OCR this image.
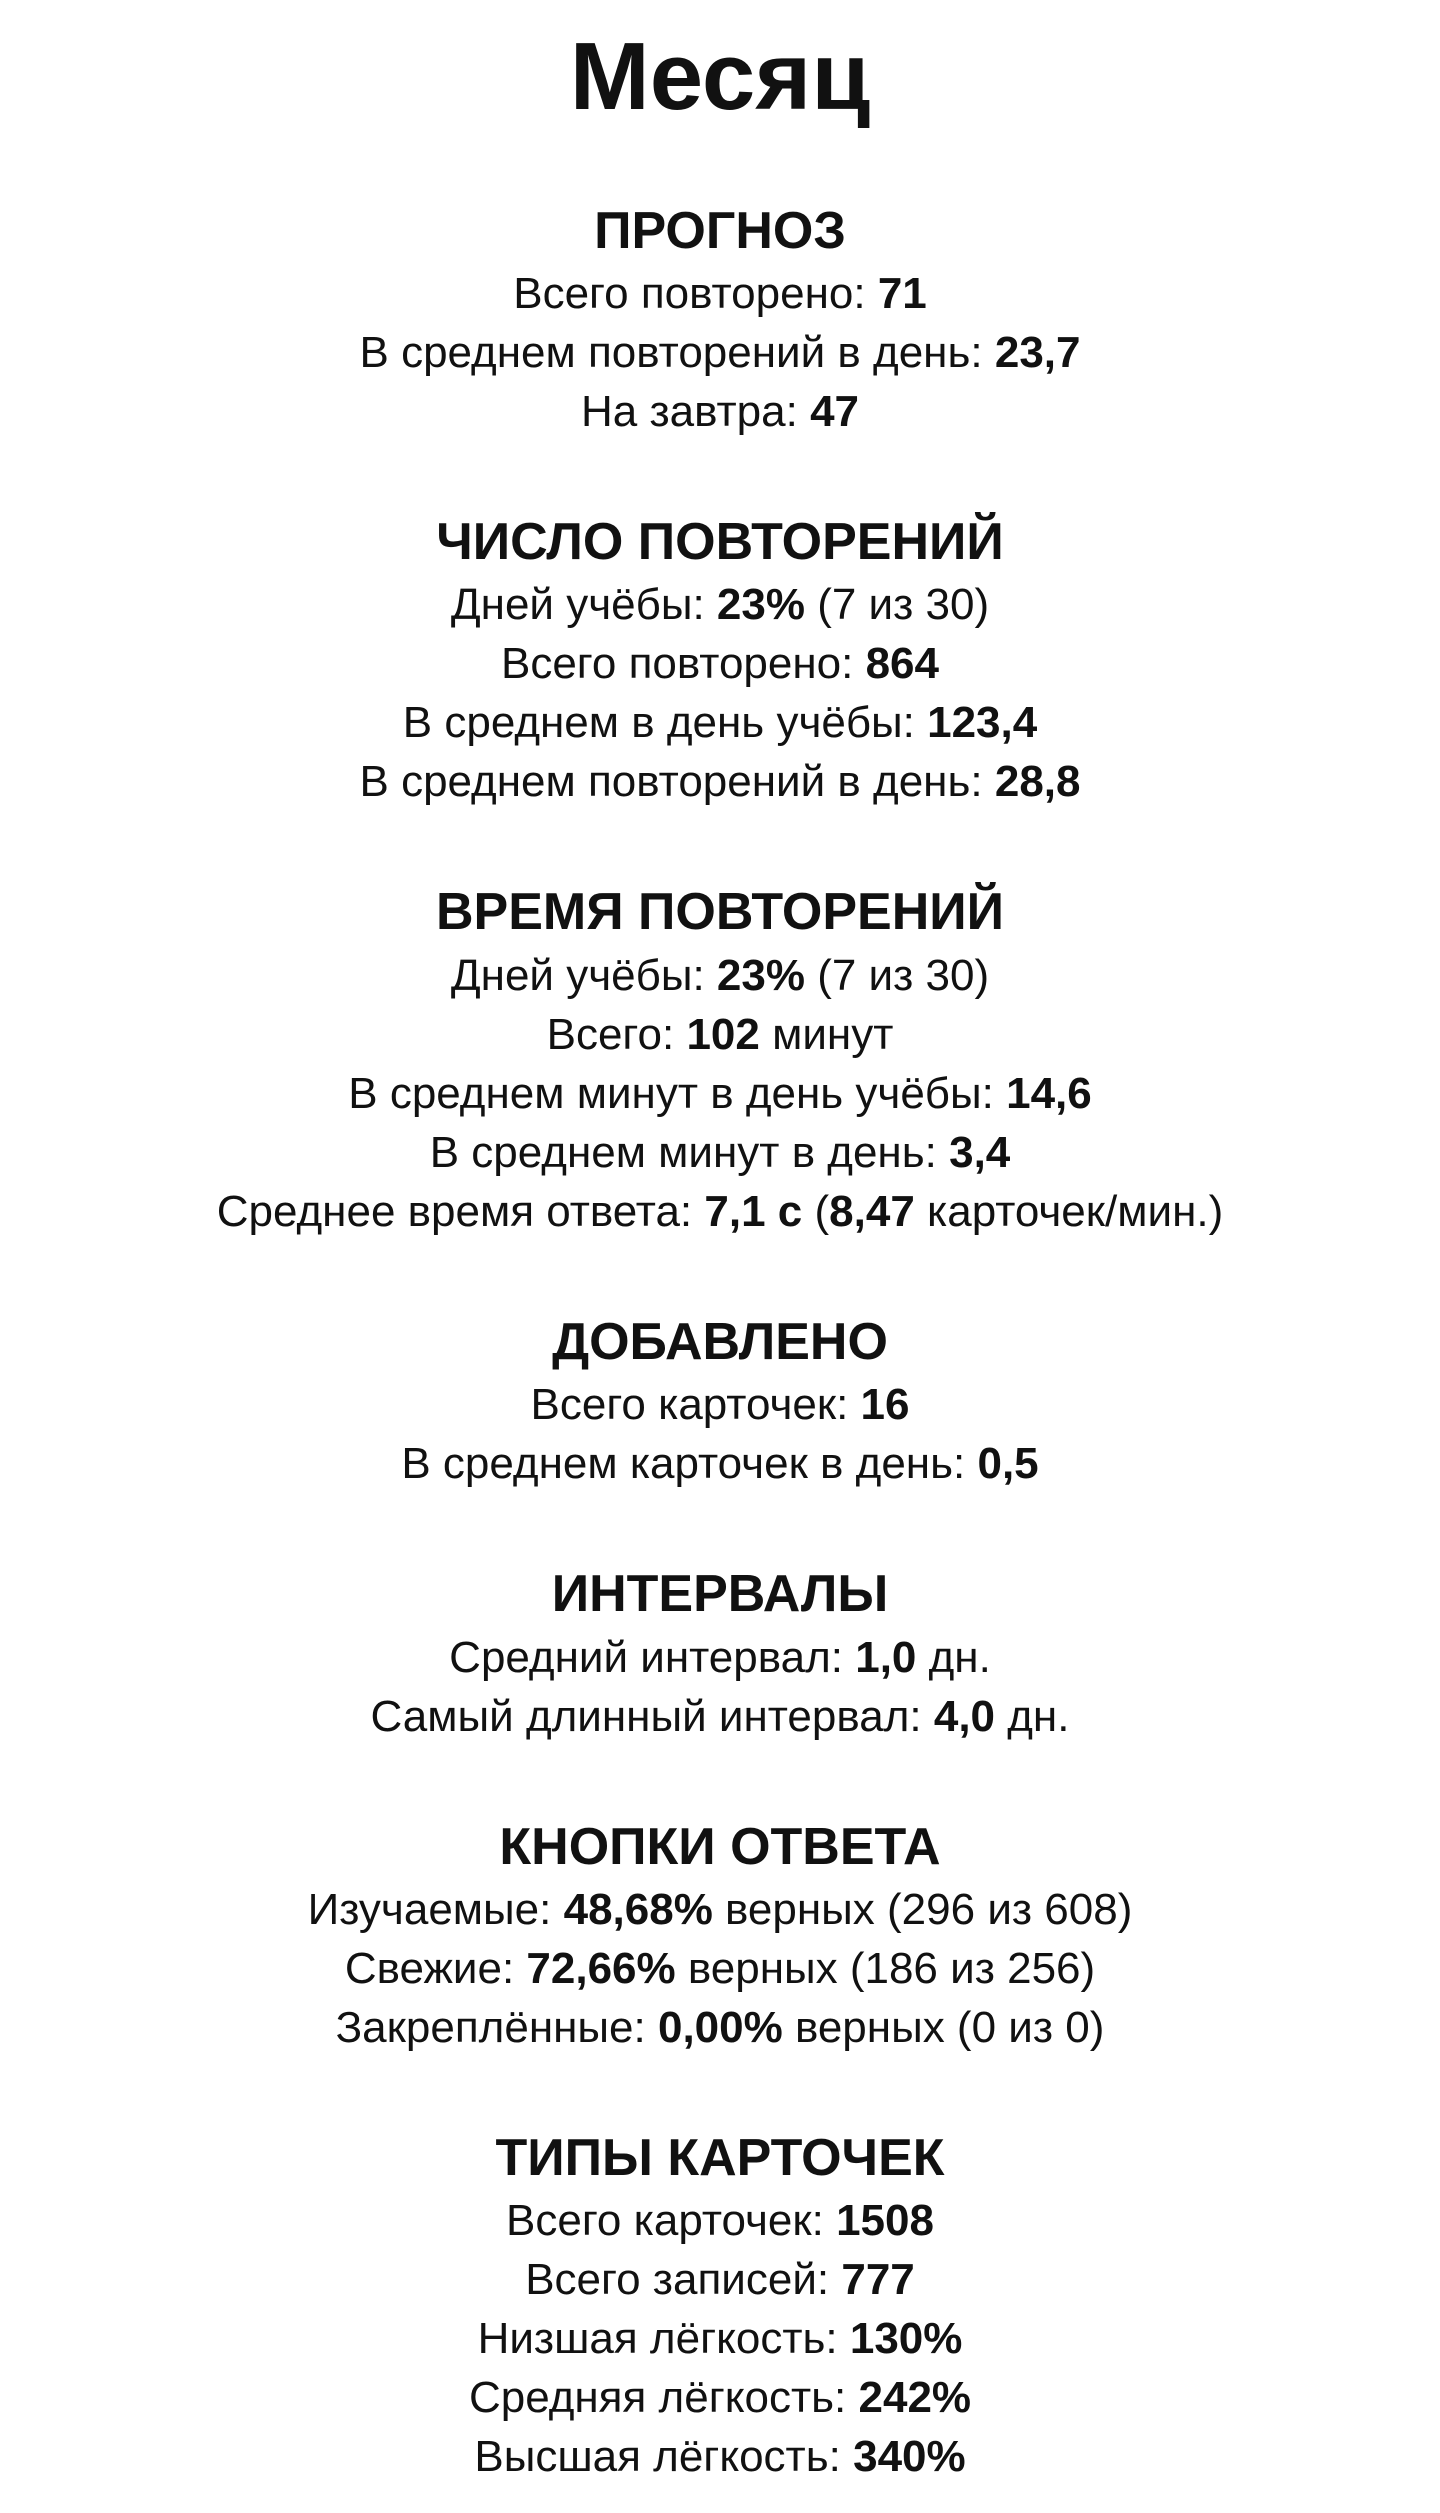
Месяц
ПРОГНОЗ

Всего повторено: 71

В среднем повторений в день: 23,7

На завтра: 47

ЧИСЛО ПОВТОРЕНИЙ

Дней учёбы: 23% (7 из 30)

Всего повторено: 864

В среднем в день учёбы: 123,4

В среднем повторений в день: 28,8

ВРЕМЯ ПОВТОРЕНИЙ

Дней учёбы: 23% (7 из 30)

Всего: 102 минут

В среднем минут в день учёбы: 14,6

В среднем минут в день: 3,4

Среднее время ответа: 7,1 с (8,47 карточек/мин.)

ДОБАВЛЕНО

Всего карточек: 16

В среднем карточек в день: 0,5

ИНТЕРВАЛЫ

Средний интервал: 1,0 дн.

Самый длинный интервал: 4,0 дн.

КНОПКИ ОТВЕТА

Изучаемые: 48,68% верных (296 из 608)

Свежие: 72,66% верных (186 из 256)

Закреплённые: 0,00% верных (0 из 0)

ТИПЫ КАРТОЧЕК

Всего карточек: 1508

Всего записей: 777

Низшая лёгкость: 130%

Средняя лёгкость: 242%

Высшая лёгкость: 340%
